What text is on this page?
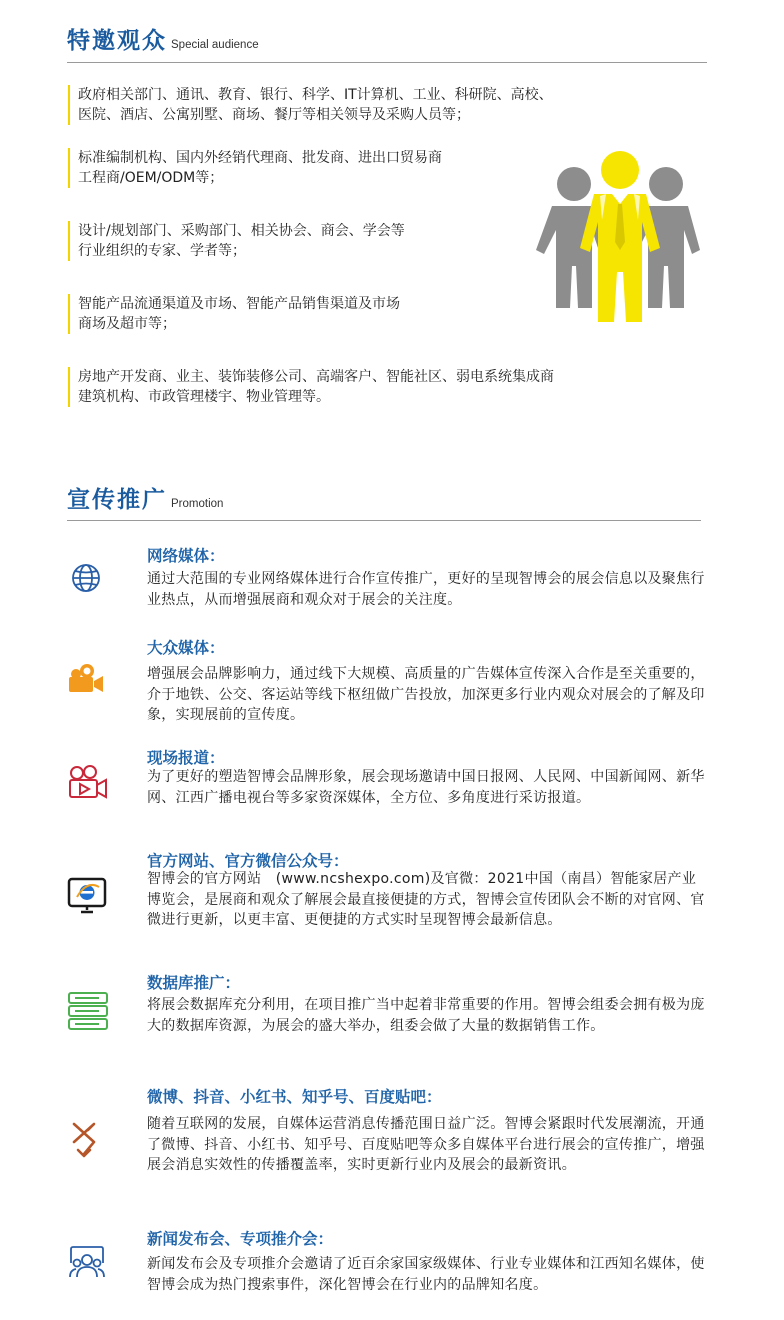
特邀观众 Special audience
政府相关部门、通讯、教育、银行、科学、IT计算机、工业、科研院、高校、
医院、酒店、公寓别墅、商场、餐厅等相关领导及采购人员等；
标准编制机构、国内外经销代理商、批发商、进出口贸易商
工程商/OEM/ODM等；
设计/规划部门、采购部门、相关协会、商会、学会等
行业组织的专家、学者等；
智能产品流通渠道及市场、智能产品销售渠道及市场
商场及超市等；
房地产开发商、业主、装饰装修公司、高端客户、智能社区、弱电系统集成商
建筑机构、市政管理楼宇、物业管理等。
宣传推广 Promotion
网络媒体：
通过大范围的专业网络媒体进行合作宣传推广，更好的呈现智博会的展会信息以及聚焦行业热点，从而增强展商和观众对于展会的关注度。
大众媒体：
增强展会品牌影响力，通过线下大规模、高质量的广告媒体宣传深入合作是至关重要的，介于地铁、公交、客运站等线下枢纽做广告投放，加深更多行业内观众对展会的了解及印象，实现展前的宣传度。
现场报道：
为了更好的塑造智博会品牌形象，展会现场邀请中国日报网、人民网、中国新闻网、新华网、江西广播电视台等多家资深媒体，全方位、多角度进行采访报道。
官方网站、官方微信公众号：
智博会的官方网站　(www.ncshexpo.com)及官微：2021中国（南昌）智能家居产业博览会，是展商和观众了解展会最直接便捷的方式，智博会宣传团队会不断的对官网、官微进行更新，以更丰富、更便捷的方式实时呈现智博会最新信息。
数据库推广：
将展会数据库充分利用，在项目推广当中起着非常重要的作用。智博会组委会拥有极为庞大的数据库资源，为展会的盛大举办，组委会做了大量的数据销售工作。
微博、抖音、小红书、知乎号、百度贴吧：
随着互联网的发展，自媒体运营消息传播范围日益广泛。智博会紧跟时代发展潮流，开通了微博、抖音、小红书、知乎号、百度贴吧等众多自媒体平台进行展会的宣传推广，增强展会消息实效性的传播覆盖率，实时更新行业内及展会的最新资讯。
新闻发布会、专项推介会：
新闻发布会及专项推介会邀请了近百余家国家级媒体、行业专业媒体和江西知名媒体，使智博会成为热门搜索事件，深化智博会在行业内的品牌知名度。
